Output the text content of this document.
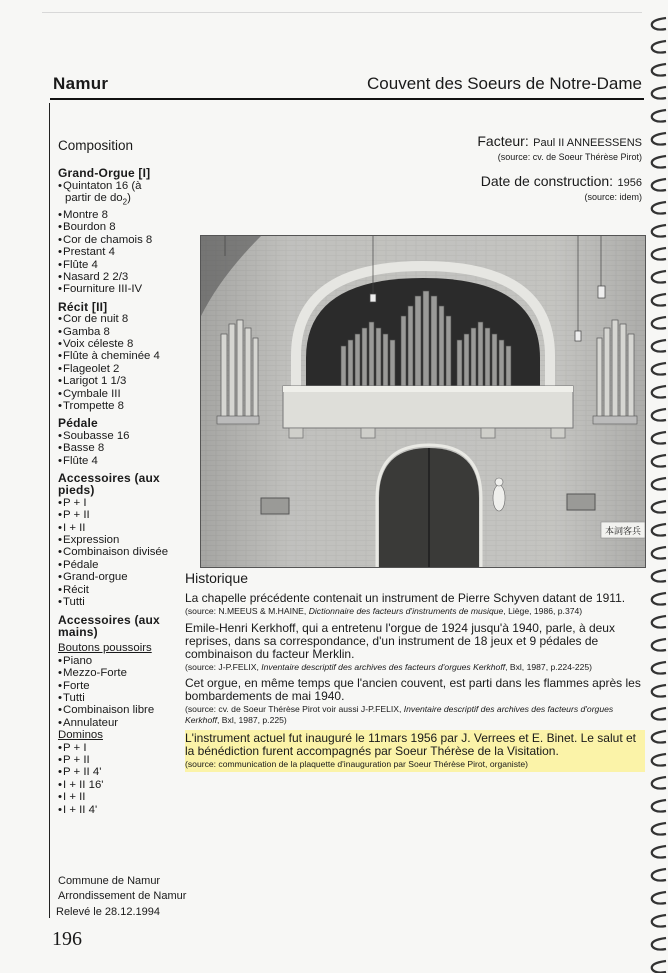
Namur	Couvent des Soeurs de Notre-Dame
Composition
Grand-Orgue [I]
• Quintaton 16 (à partir de $do_2$)
• Montre 8
• Bourdon 8
• Cor de chamois 8
• Prestant 4
• Flûte 4
• Nasard 2 2/3
• Fourniture III-IV
Récit [II]
• Cor de nuit 8
• Gamba 8
• Voix céleste 8
• Flûte à cheminée 4
• Flageolet 2
• Larigot 1 1/3
• Cymbale III
• Trompette 8
Pédale
• Soubasse 16
• Basse 8
• Flûte 4
Accessoires (aux pieds)
• P + I
• P + II
• I + II
• Expression
• Combinaison divisée
• Pédale
• Grand-orgue
• Récit
• Tutti
Accessoires (aux mains)
Boutons poussoirs
• Piano
• Mezzo-Forte
• Forte
• Tutti
• Combinaison libre
• Annulateur
Dominos
• P + I
• P + II
• P + II 4'
• I + II 16'
• I + II
• I + II 4'
Facteur: Paul II ANNEESSENS
(source: cv. de Soeur Thérèse Pirot)
Date de construction: 1956
(source: idem)
本詞客兵
Historique

La chapelle précédente contenait un instrument de Pierre Schyven datant de 1911.

(source: N.MEEUS & M.HAINE, Dictionnaire des facteurs d'instruments de musique, Liège, 1986, p.374)

Emile-Henri Kerkhoff, qui a entretenu l'orgue de 1924 jusqu'à 1940, parle, à deux reprises, dans sa correspondance, d'un instrument de 18 jeux et 9 pédales de combinaison du facteur Merklin.

(source: J-P.FELIX, Inventaire descriptif des archives des facteurs d'orgues Kerkhoff, Bxl, 1987, p.224-225)

Cet orgue, en même temps que l'ancien couvent, est parti dans les flammes après les bombardements de mai 1940.

(source: cv. de Soeur Thérèse Pirot voir aussi J-P.FELIX, Inventaire descriptif des archives des facteurs d'orgues Kerkhoff, Bxl, 1987, p.225)

L'instrument actuel fut inauguré le 11mars 1956 par J. Verrees et E. Binet. Le salut et la bénédiction furent accompagnés par Soeur Thérèse de la Visitation.

(source: communication de la plaquette d'inauguration par Soeur Thérèse Pirot, organiste)
Commune de Namur
Arrondissement de Namur
Relevé le 28.12.1994
196
